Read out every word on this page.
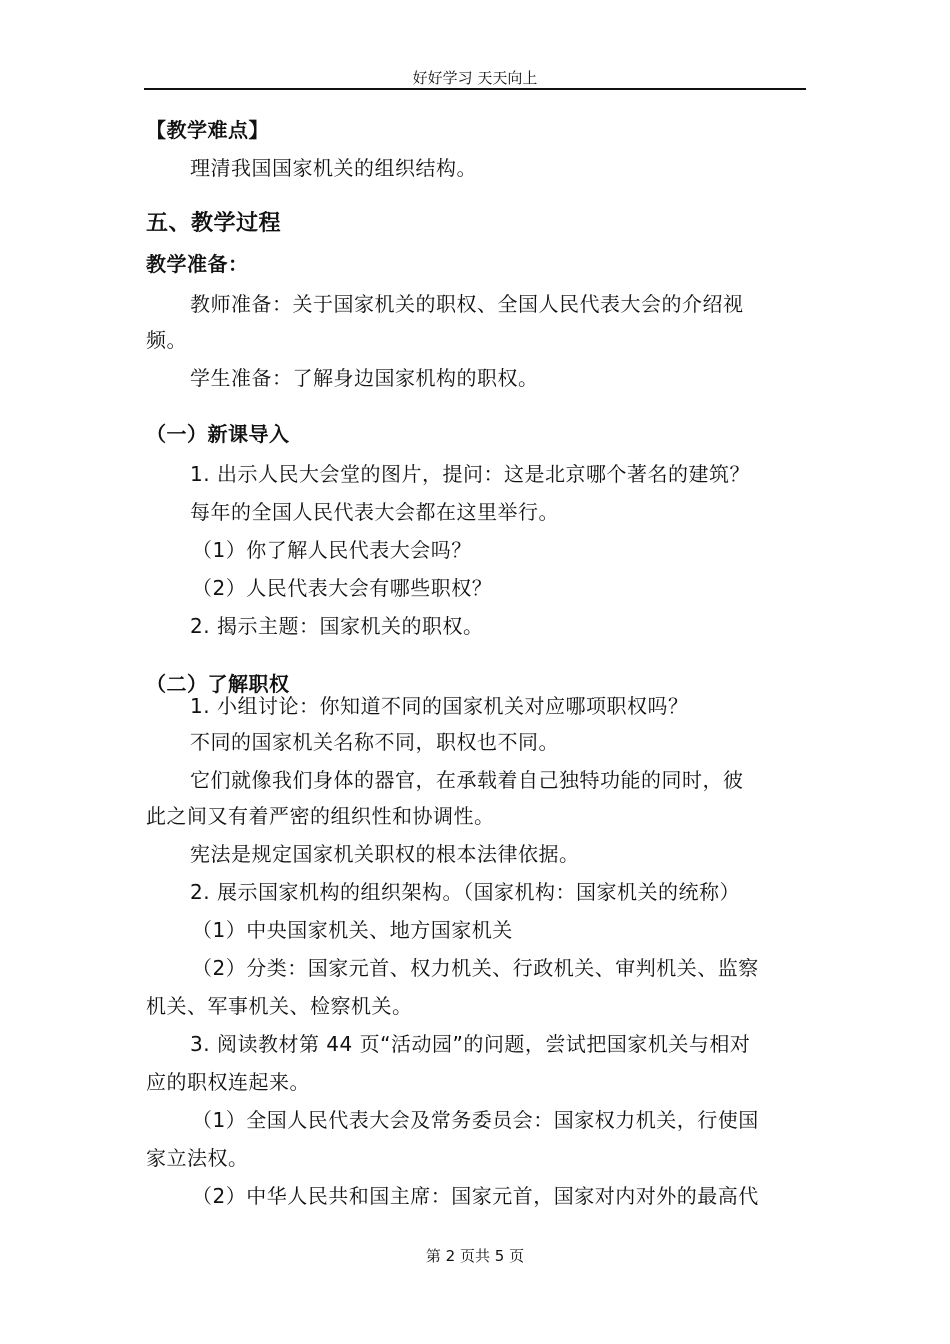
好好学习 天天向上
【教学难点】
理清我国国家机关的组织结构。
五、教学过程
教学准备：
教师准备：关于国家机关的职权、全国人民代表大会的介绍视
频。
学生准备：了解身边国家机构的职权。
（一）新课导入
1. 出示人民大会堂的图片，提问：这是北京哪个著名的建筑？
每年的全国人民代表大会都在这里举行。
（1）你了解人民代表大会吗？
（2）人民代表大会有哪些职权？
2. 揭示主题：国家机关的职权。
（二）了解职权
1. 小组讨论：你知道不同的国家机关对应哪项职权吗？
不同的国家机关名称不同，职权也不同。
它们就像我们身体的器官，在承载着自己独特功能的同时，彼
此之间又有着严密的组织性和协调性。
宪法是规定国家机关职权的根本法律依据。
2. 展示国家机构的组织架构。（国家机构：国家机关的统称）
（1）中央国家机关、地方国家机关
（2）分类：国家元首、权力机关、行政机关、审判机关、监察
机关、军事机关、检察机关。
3. 阅读教材第 44 页“活动园”的问题，尝试把国家机关与相对
应的职权连起来。
（1）全国人民代表大会及常务委员会：国家权力机关，行使国
家立法权。
（2）中华人民共和国主席：国家元首，国家对内对外的最高代
第 2 页共 5 页
